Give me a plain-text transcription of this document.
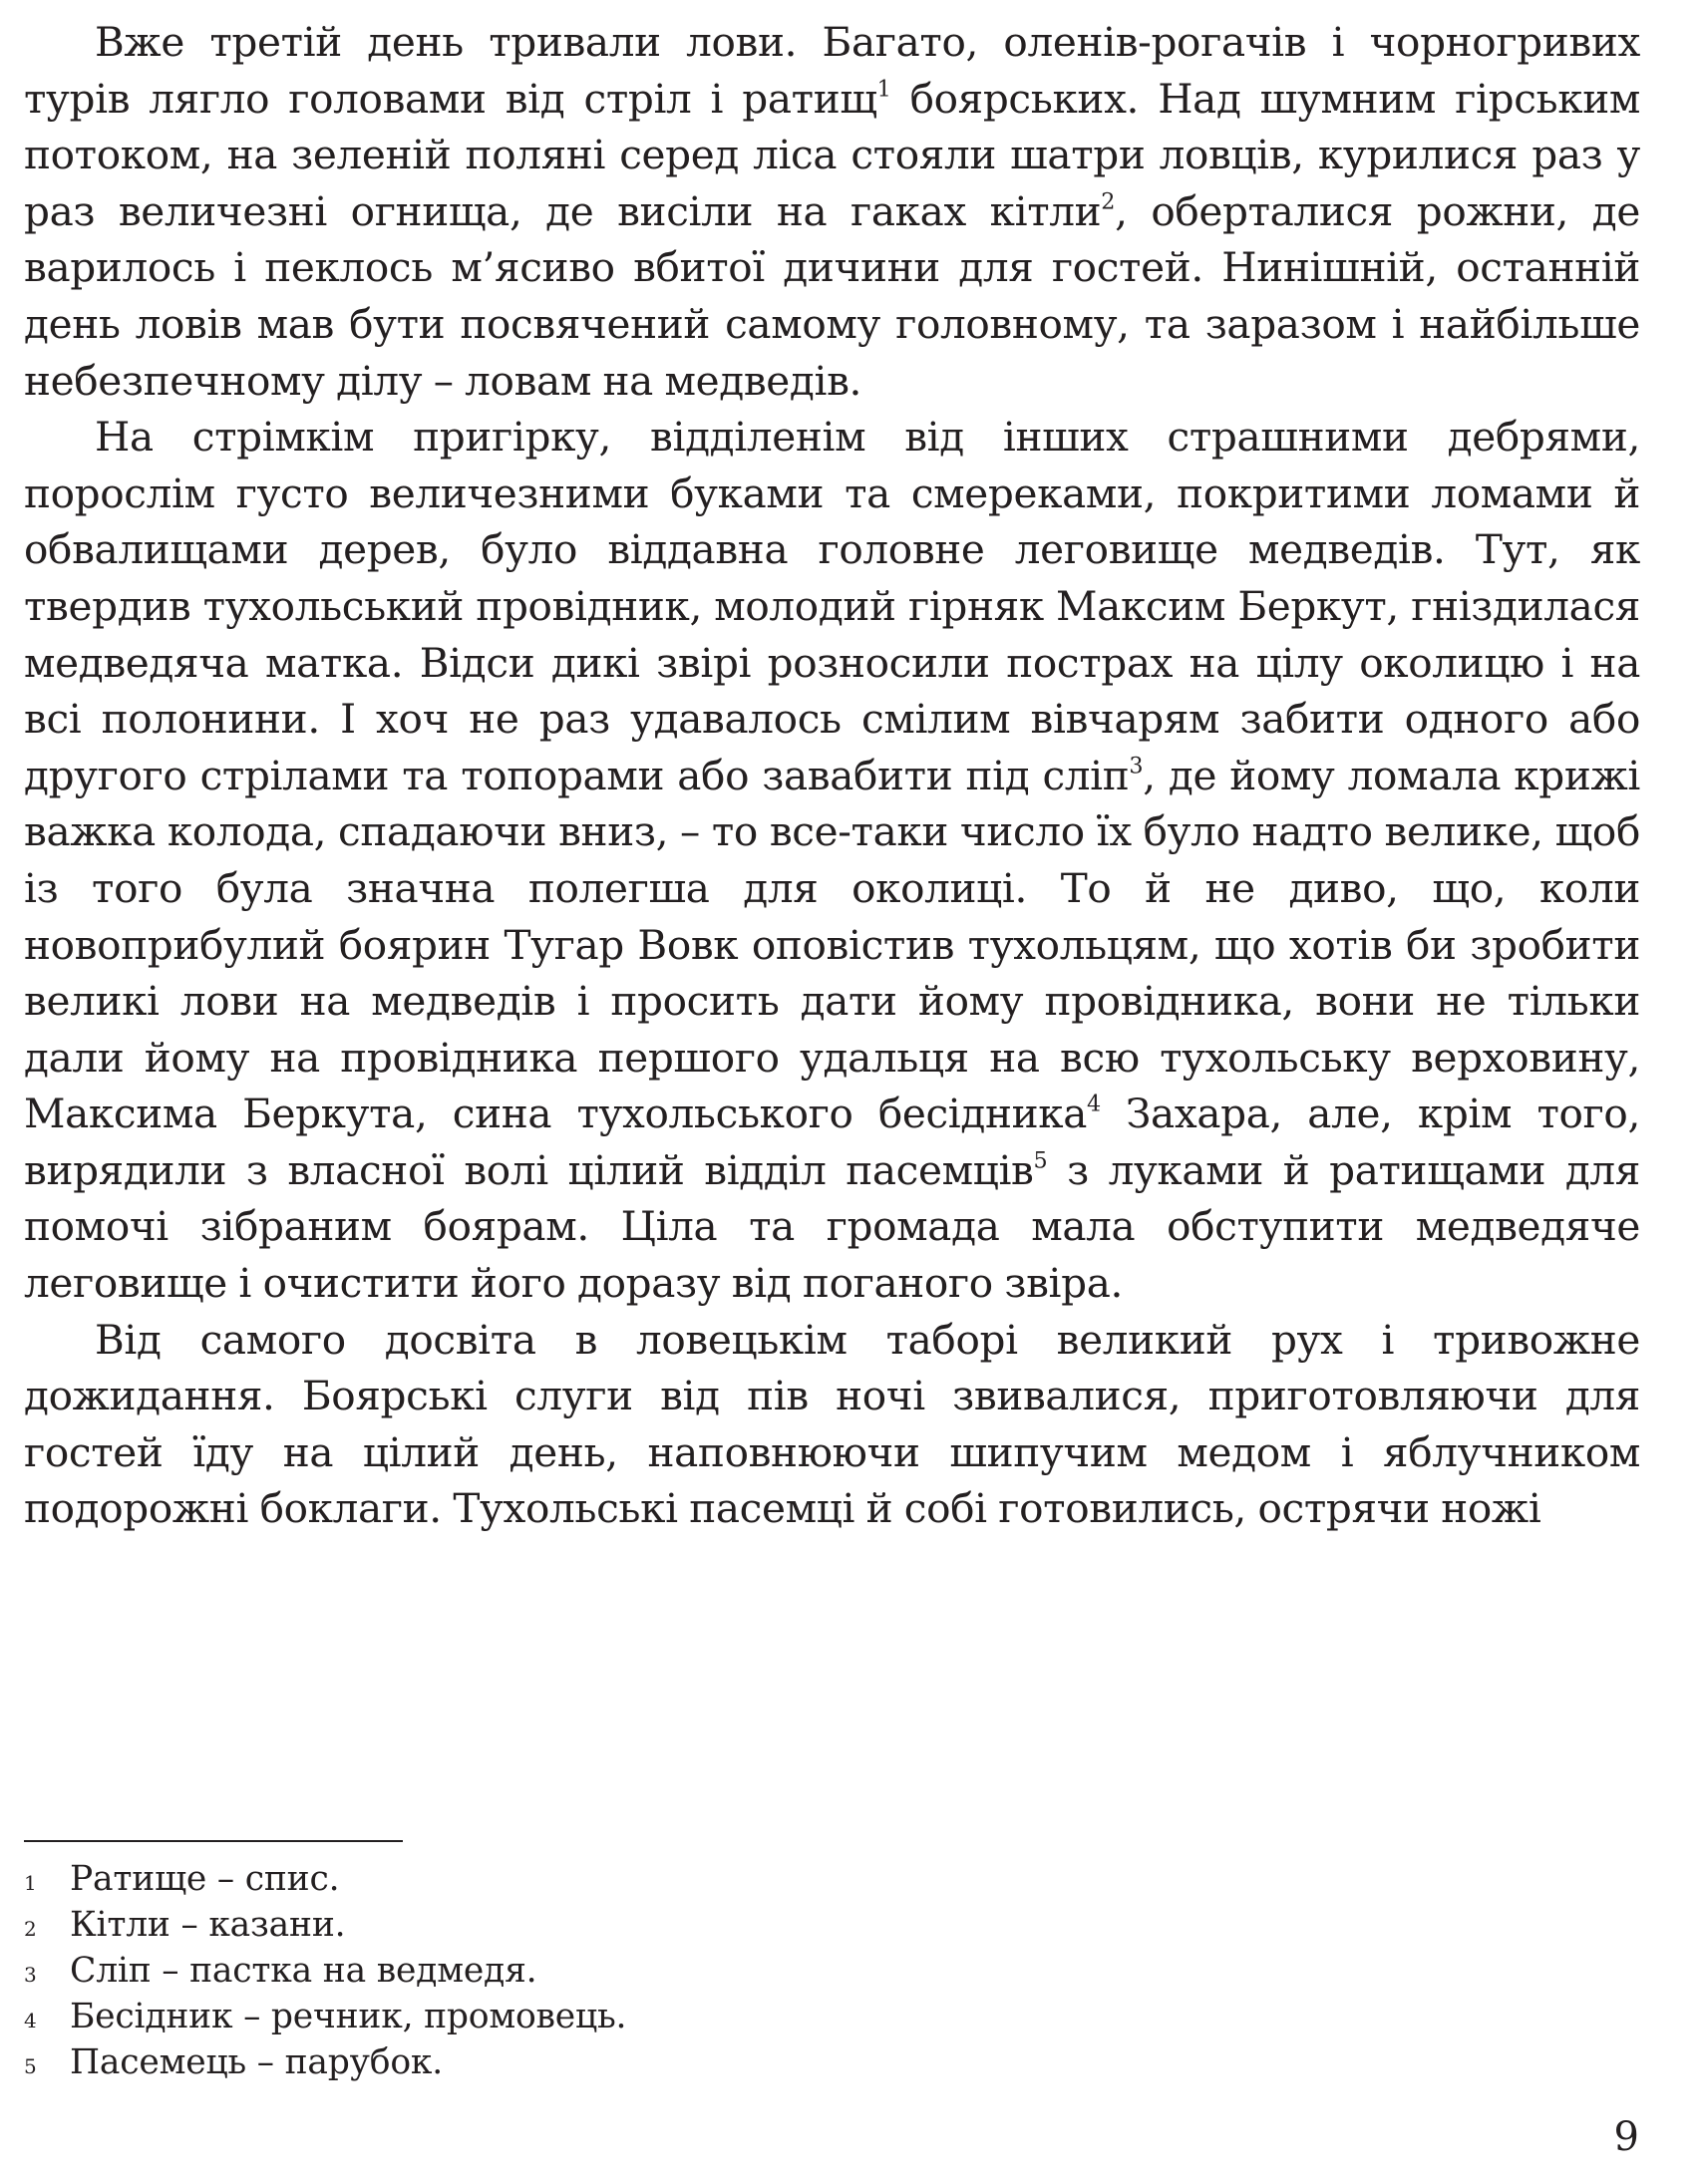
Вже третій день тривали лови. Багато, оленів-рогачів і чорногривих турів лягло головами від стріл і ратищ$^1$ боярських. Над шумним гірським потоком, на зеленій поляні серед ліса стояли шатри ловців, курилися раз у раз величезні огнища, де висіли на гаках кітли$^2$, оберталися рожни, де варилось і пеклось м’ясиво вбитої дичини для гостей. Нинішній, останній день ловів мав бути посвячений самому головному, та заразом і найбільше небезпечному ділу – ловам на медведів.

На стрімкім пригірку, відділенім від інших страшними дебрями, порослім густо величезними буками та смереками, покритими ломами й обвалищами дерев, було віддавна головне леговище медведів. Тут, як твердив тухольський провідник, молодий гірняк Максим Беркут, гніздилася медведяча матка. Відси дикі звірі розносили пострах на цілу околицю і на всі полонини. І хоч не раз удавалось смілим вівчарям забити одного або другого стрілами та топорами або завабити під сліп$^3$, де йому ломала крижі важка колода, спадаючи вниз, – то все-таки число їх було надто велике, щоб із того була значна полегша для околиці. То й не диво, що, коли новоприбулий боярин Тугар Вовк оповістив тухольцям, що хотів би зробити великі лови на медведів і просить дати йому провідника, вони не тільки дали йому на провідника першого удальця на всю тухольську верховину, Максима Беркута, сина тухольського бесідника$^4$ Захара, але, крім того, вирядили з власної волі цілий відділ пасемців$^5$ з луками й ратищами для помочі зібраним боярам. Ціла та громада мала обступити медведяче леговище і очистити його доразу від поганого звіра.

Від самого досвіта в ловецькім таборі великий рух і тривожне дожидання. Боярські слуги від пів ночі звивалися, приготовляючи для гостей їду на цілий день, наповнюючи шипучим медом і яблучником подорожні боклаги. Тухольські пасемці й собі готовились, острячи ножі

1 Ратище – спис.
2 Кітли – казани.
3 Сліп – пастка на ведмедя.
4 Бесідник – речник, промовець.
5 Пасемець – парубок.
9
